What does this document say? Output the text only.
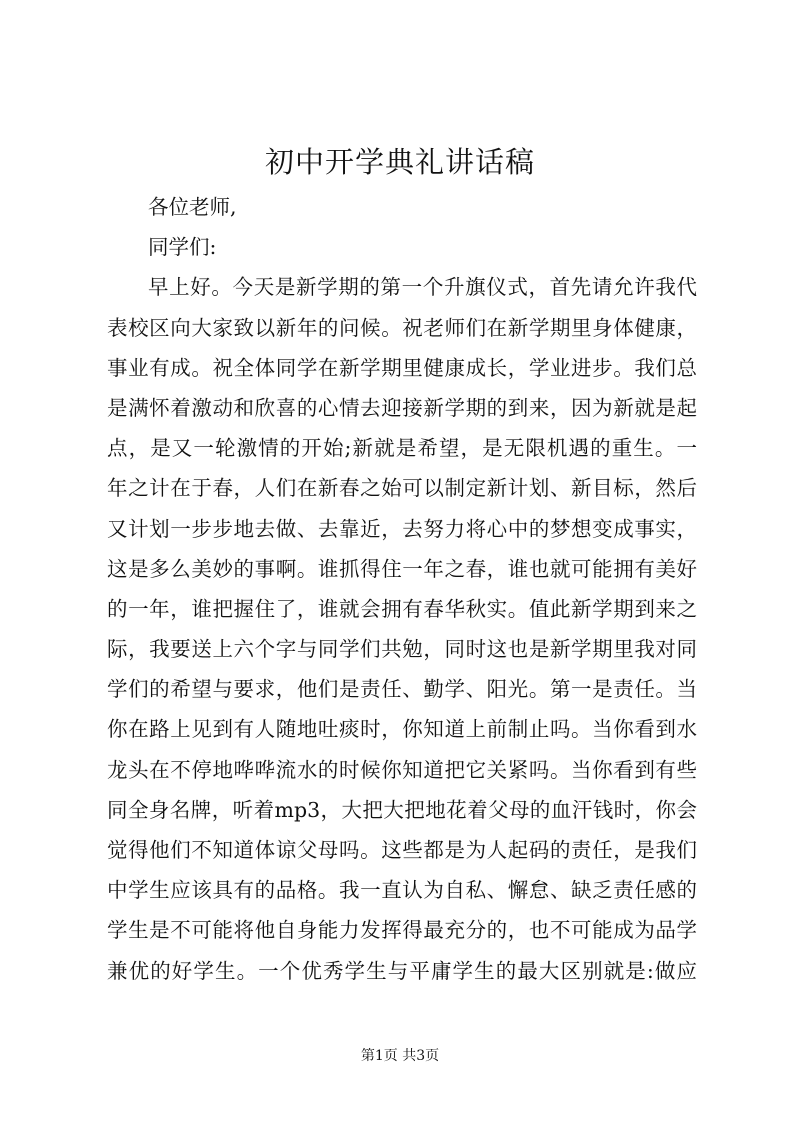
初中开学典礼讲话稿
各位老师,
同学们:
早上好。今天是新学期的第一个升旗仪式，首先请允许我代
表校区向大家致以新年的问候。祝老师们在新学期里身体健康，
事业有成。祝全体同学在新学期里健康成长，学业进步。我们总
是满怀着激动和欣喜的心情去迎接新学期的到来，因为新就是起
点，是又一轮激情的开始;新就是希望，是无限机遇的重生。一
年之计在于春，人们在新春之始可以制定新计划、新目标，然后
又计划一步步地去做、去靠近，去努力将心中的梦想变成事实，
这是多么美妙的事啊。谁抓得住一年之春，谁也就可能拥有美好
的一年，谁把握住了，谁就会拥有春华秋实。值此新学期到来之
际，我要送上六个字与同学们共勉，同时这也是新学期里我对同
学们的希望与要求，他们是责任、勤学、阳光。第一是责任。当
你在路上见到有人随地吐痰时，你知道上前制止吗。当你看到水
龙头在不停地哗哗流水的时候你知道把它关紧吗。当你看到有些
同全身名牌，听着mp3，大把大把地花着父母的血汗钱时，你会
觉得他们不知道体谅父母吗。这些都是为人起码的责任，是我们
中学生应该具有的品格。我一直认为自私、懈怠、缺乏责任感的
学生是不可能将他自身能力发挥得最充分的，也不可能成为品学
兼优的好学生。一个优秀学生与平庸学生的最大区别就是:做应
第1页 共3页
